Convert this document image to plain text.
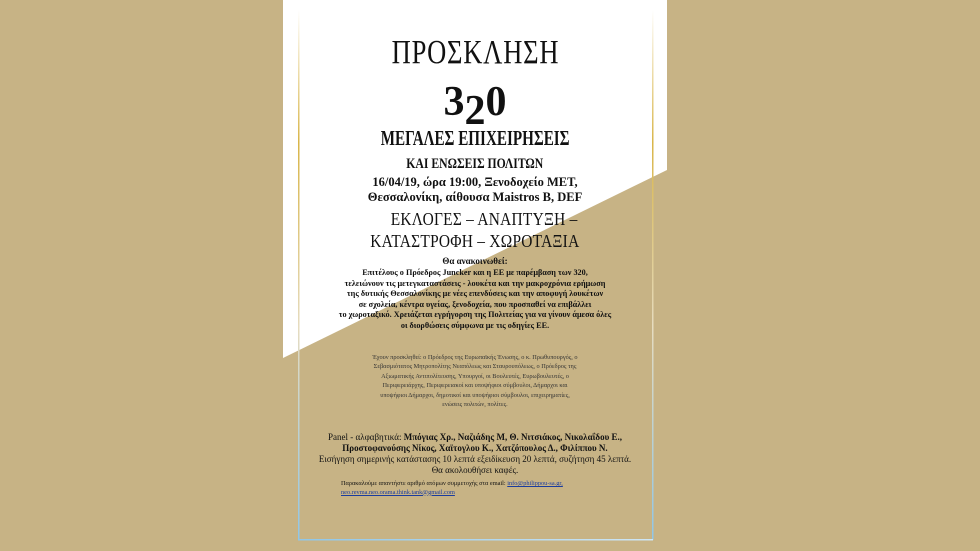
ΠΡΟΣΚΛΗΣΗ
320
ΜΕΓΑΛΕΣ ΕΠΙΧΕΙΡΗΣΕΙΣ
ΚΑΙ ΕΝΩΣΕΙΣ ΠΟΛΙΤΩΝ
16/04/19, ώρα 19:00, Ξενοδοχείο ΜΕΤ,
Θεσσαλονίκη, αίθουσα Maistros B, DEF
ΕΚΛΟΓΕΣ – ΑΝΑΠΤΥΞΗ –
ΚΑΤΑΣΤΡΟΦΗ – ΧΩΡΟΤΑΞΙΑ
Θα ανακοινωθεί:
Επιτέλους ο Πρόεδρος Juncker και η ΕΕ με παρέμβαση των 320,
τελειώνουν τις μετεγκαταστάσεις - λουκέτα και την μακροχρόνια ερήμωση
της δυτικής Θεσσαλονίκης με νέες επενδύσεις και την αποφυγή λουκέτων
σε σχολεία, κέντρα υγείας, ξενοδοχεία, που προσπαθεί να επιβάλλει
το χωροταξικό. Χρειάζεται εγρήγορση της Πολιτείας για να γίνουν άμεσα όλες
οι διορθώσεις σύμφωνα με τις οδηγίες ΕΕ.
Έχουν προσκληθεί: ο Πρόεδρος της Ευρωπαϊκής Ένωσης, ο κ. Πρωθυπουργός, ο
Σεβασμιότατος Μητροπολίτης Νεαπόλεως και Σταυρουπόλεως, ο Πρόεδρος της
Αξιωματικής Αντιπολίτευσης, Υπουργοί, οι Βουλευτές, Ευρωβουλευτές, ο
Περιφερειάρχης, Περιφερειακοί και υποψήφιοι σύμβουλοι, Δήμαρχοι και
υποψήφιοι Δήμαρχοι, δημοτικοί και υποψήφιοι σύμβουλοι, επιχειρηματίες,
ενώσεις πολιτών, πολίτες.
Panel - αλφαβητικά: Μπόγιας Χρ., Ναζιάδης Μ, Θ. Νιτσιάκος, Νικολαΐδου Ε.,
Προστοφανούσης Νίκος, Χαϊτογλου Κ., Χατζόπουλος Δ., Φιλίππου Ν.
Εισήγηση σημερινής κατάστασης 10 λεπτά εξειδίκευση 20 λεπτά, συζήτηση 45 λεπτά.
Θα ακολουθήσει καφές.
Παρακαλούμε απαντήστε αριθμό ατόμων συμμετοχής στα email: info@philippou-sa.gr,
neo.revma.neo.orama.think.tank@gmail.com
